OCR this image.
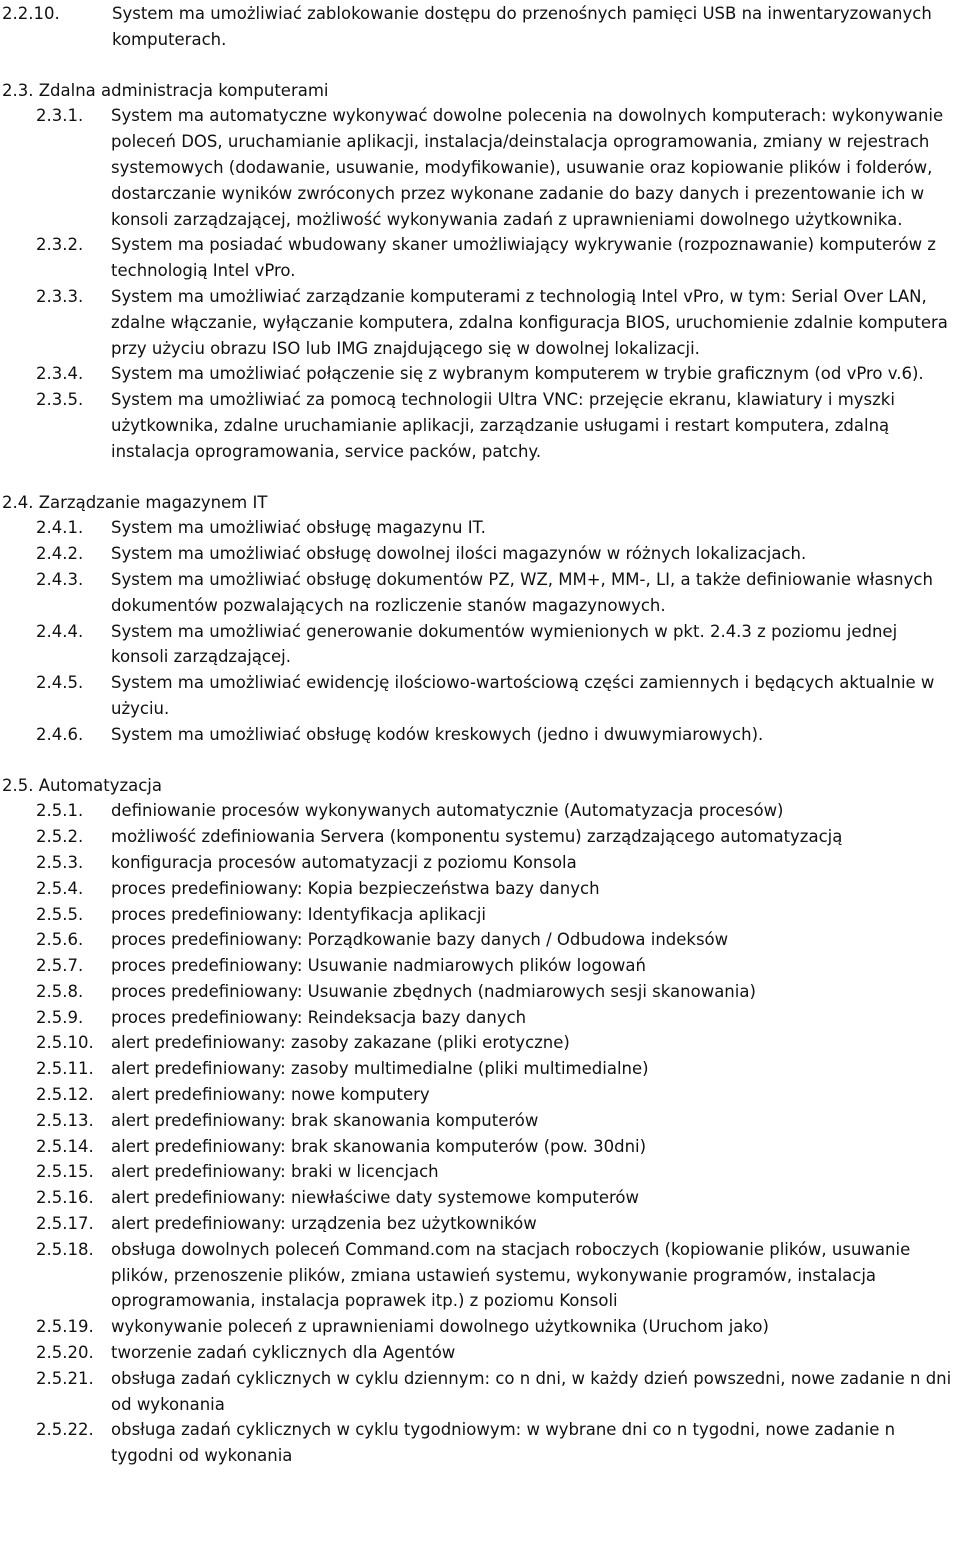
2.2.10.	System ma umożliwiać zablokowanie dostępu do przenośnych pamięci USB na inwentaryzowanych komputerach.
2.3. Zdalna administracja komputerami
2.3.1.	System ma automatyczne wykonywać dowolne polecenia na dowolnych komputerach: wykonywanie poleceń DOS, uruchamianie aplikacji, instalacja/deinstalacja oprogramowania, zmiany w rejestrach systemowych (dodawanie, usuwanie, modyfikowanie), usuwanie oraz kopiowanie plików i folderów, dostarczanie wyników zwróconych przez wykonane zadanie do bazy danych i prezentowanie ich w konsoli zarządzającej, możliwość wykonywania zadań z uprawnieniami dowolnego użytkownika.
2.3.2.	System ma posiadać wbudowany skaner umożliwiający wykrywanie (rozpoznawanie) komputerów z technologią Intel vPro.
2.3.3.	System ma umożliwiać zarządzanie komputerami z technologią Intel vPro, w tym: Serial Over LAN, zdalne włączanie, wyłączanie komputera, zdalna konfiguracja BIOS, uruchomienie zdalnie komputera przy użyciu obrazu ISO lub IMG znajdującego się w dowolnej lokalizacji.
2.3.4.	System ma umożliwiać połączenie się z wybranym komputerem w trybie graficznym (od vPro v.6).
2.3.5.	System ma umożliwiać za pomocą technologii Ultra VNC: przejęcie ekranu, klawiatury i myszki użytkownika, zdalne uruchamianie aplikacji, zarządzanie usługami i restart komputera, zdalną instalacja oprogramowania, service packów, patchy.
2.4. Zarządzanie magazynem IT
2.4.1.	System ma umożliwiać obsługę magazynu IT.
2.4.2.	System ma umożliwiać obsługę dowolnej ilości magazynów w różnych lokalizacjach.
2.4.3.	System ma umożliwiać obsługę dokumentów PZ, WZ, MM+, MM-, LI, a także definiowanie własnych dokumentów pozwalających na rozliczenie stanów magazynowych.
2.4.4.	System ma umożliwiać generowanie dokumentów wymienionych w pkt. 2.4.3 z poziomu jednej konsoli zarządzającej.
2.4.5.	System ma umożliwiać ewidencję ilościowo-wartościową części zamiennych i będących aktualnie w użyciu.
2.4.6.	System ma umożliwiać obsługę kodów kreskowych (jedno i dwuwymiarowych).
2.5. Automatyzacja
2.5.1.	definiowanie procesów wykonywanych automatycznie (Automatyzacja procesów)
2.5.2.	możliwość zdefiniowania Servera (komponentu systemu) zarządzającego automatyzacją
2.5.3.	konfiguracja procesów automatyzacji z poziomu Konsola
2.5.4.	proces predefiniowany: Kopia bezpieczeństwa bazy danych
2.5.5.	proces predefiniowany: Identyfikacja aplikacji
2.5.6.	proces predefiniowany: Porządkowanie bazy danych / Odbudowa indeksów
2.5.7.	proces predefiniowany: Usuwanie nadmiarowych plików logowań
2.5.8.	proces predefiniowany: Usuwanie zbędnych (nadmiarowych sesji skanowania)
2.5.9.	proces predefiniowany: Reindeksacja bazy danych
2.5.10.	alert predefiniowany: zasoby zakazane (pliki erotyczne)
2.5.11.	alert predefiniowany: zasoby multimedialne (pliki multimedialne)
2.5.12.	alert predefiniowany: nowe komputery
2.5.13.	alert predefiniowany: brak skanowania komputerów
2.5.14.	alert predefiniowany: brak skanowania komputerów (pow. 30dni)
2.5.15.	alert predefiniowany: braki w licencjach
2.5.16.	alert predefiniowany: niewłaściwe daty systemowe komputerów
2.5.17.	alert predefiniowany: urządzenia bez użytkowników
2.5.18.	obsługa dowolnych poleceń Command.com na stacjach roboczych (kopiowanie plików, usuwanie plików, przenoszenie plików, zmiana ustawień systemu, wykonywanie programów, instalacja oprogramowania, instalacja poprawek itp.) z poziomu Konsoli
2.5.19.	wykonywanie poleceń z uprawnieniami dowolnego użytkownika (Uruchom jako)
2.5.20.	tworzenie zadań cyklicznych dla Agentów
2.5.21.	obsługa zadań cyklicznych w cyklu dziennym: co n dni, w każdy dzień powszedni, nowe zadanie n dni od wykonania
2.5.22.	obsługa zadań cyklicznych w cyklu tygodniowym: w wybrane dni co n tygodni, nowe zadanie n tygodni od wykonania
